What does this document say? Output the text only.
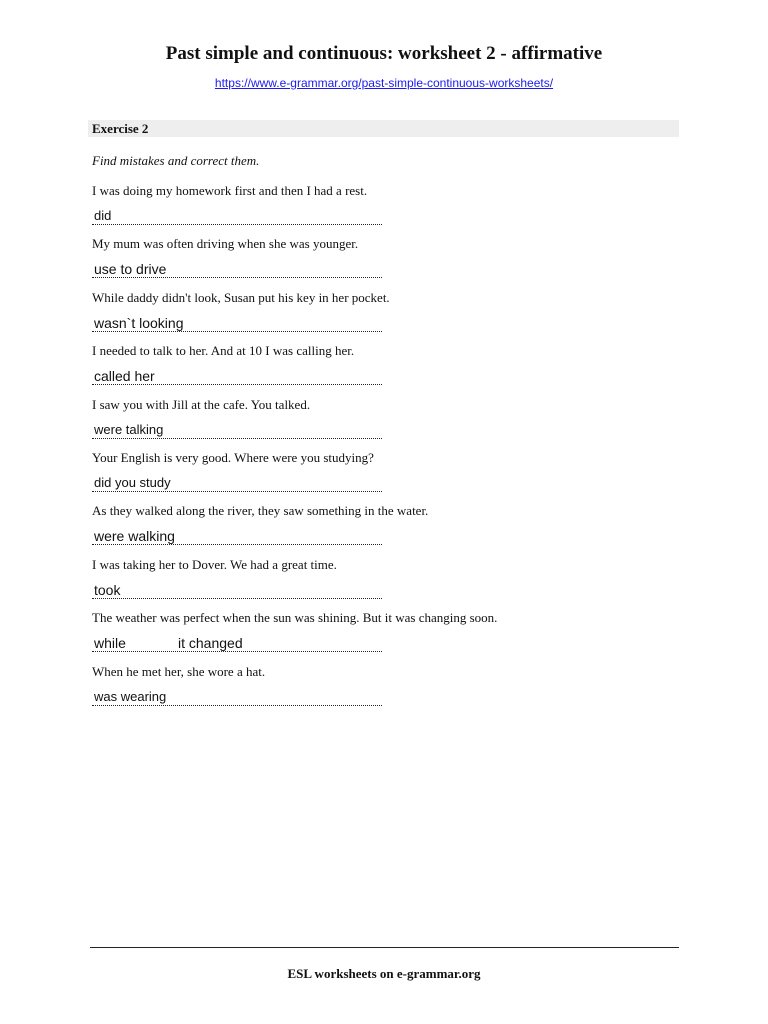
Past simple and continuous: worksheet 2 - affirmative
https://www.e-grammar.org/past-simple-continuous-worksheets/
Exercise 2
Find mistakes and correct them.
I was doing my homework first and then I had a rest.
did
My mum was often driving when she was younger.
use to drive
While daddy didn't look, Susan put his key in her pocket.
wasn`t looking
I needed to talk to her. And at 10 I was calling her.
called her
I saw you with Jill at the cafe. You talked.
were talking
Your English is very good. Where were you studying?
did you study
As they walked along the river, they saw something in the water.
were walking
I was taking her to Dover. We had a great time.
took
The weather was perfect when the sun was shining. But it was changing soon.
while	it changed
When he met her, she wore a hat.
was wearing
ESL worksheets on e-grammar.org
